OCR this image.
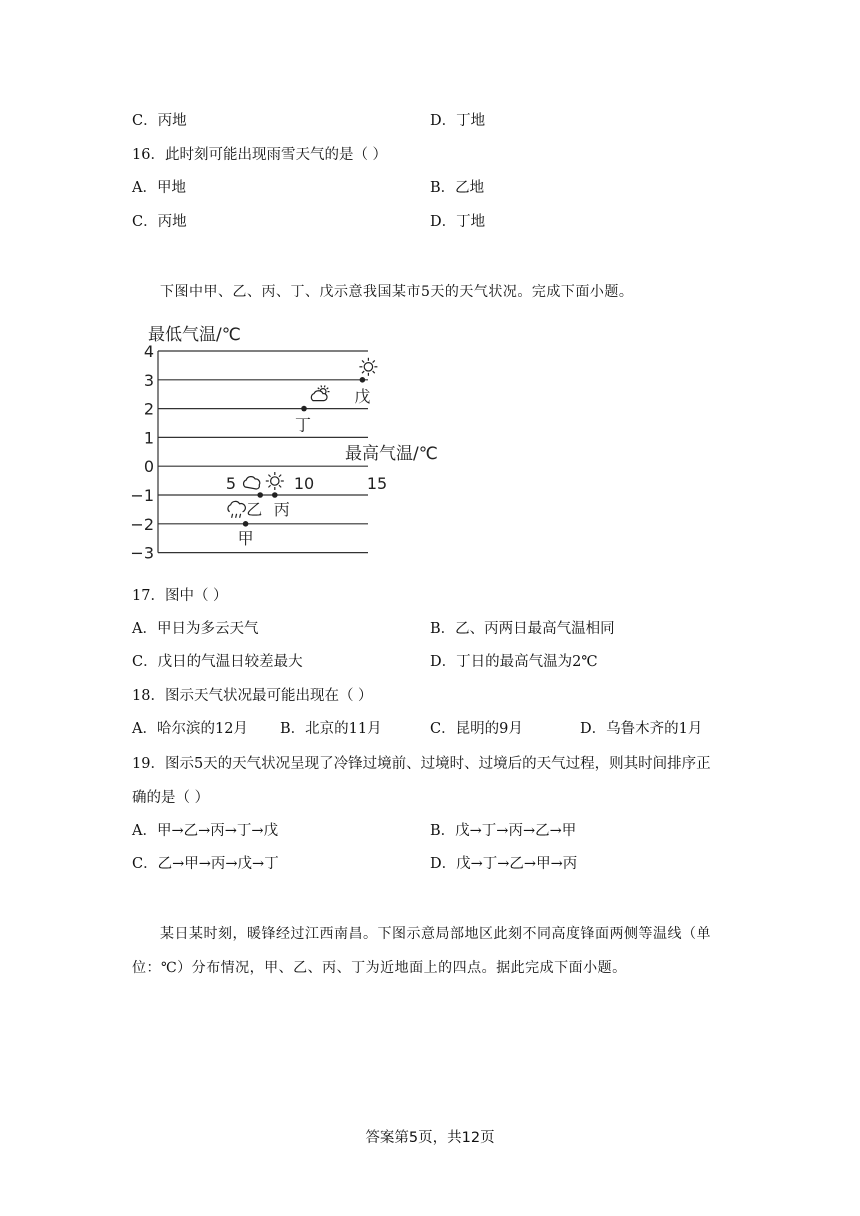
C．丙地	D．丁地
16．此时刻可能出现雨雪天气的是（ ）
A．甲地	B．乙地
C．丙地	D．丁地
下图中甲、乙、丙、丁、戊示意我国某市5天的天气状况。完成下面小题。
4
3
2
1
0
−1
−2
−3
5	10	15
最低气温/℃
最高气温/℃
甲
乙 丙
丁
戊
17．图中（ ）
A．甲日为多云天气	B．乙、丙两日最高气温相同
C．戊日的气温日较差最大	D．丁日的最高气温为2℃
18．图示天气状况最可能出现在（ ）
A．哈尔滨的12月 B．北京的11月	C．昆明的9月	D．乌鲁木齐的1月
19．图示5天的天气状况呈现了冷锋过境前、过境时、过境后的天气过程，则其时间排序正
确的是（ ）
A．甲→乙→丙→丁→戊	B．戊→丁→丙→乙→甲
C．乙→甲→丙→戊→丁	D．戊→丁→乙→甲→丙
某日某时刻，暖锋经过江西南昌。下图示意局部地区此刻不同高度锋面两侧等温线（单
位：℃）分布情况，甲、乙、丙、丁为近地面上的四点。据此完成下面小题。
答案第5页，共12页
